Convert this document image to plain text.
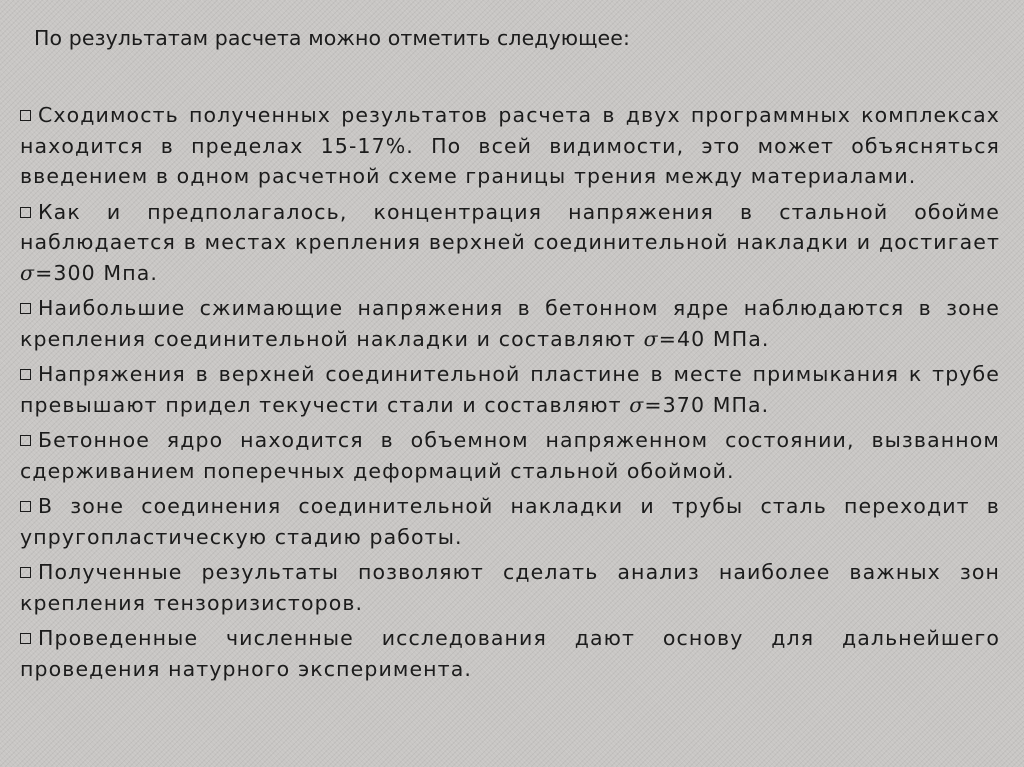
По результатам расчета можно отметить следующее:
Сходимость полученных результатов расчета в двух программных комплексах находится в пределах 15-17%. По всей видимости, это может объясняться введением в одном расчетной схеме границы трения между материалами.
Как и предполагалось, концентрация напряжения в стальной обойме наблюдается в местах крепления верхней соединительной накладки и достигает σ=300 Мпа.
Наибольшие сжимающие напряжения в бетонном ядре наблюдаются в зоне крепления соединительной накладки и составляют σ=40 МПа.
Напряжения в верхней соединительной пластине в месте примыкания к трубе превышают придел текучести стали и составляют σ=370 МПа.
Бетонное ядро находится в объемном напряженном состоянии, вызванном сдерживанием поперечных деформаций стальной обоймой.
В зоне соединения соединительной накладки и трубы сталь переходит в упругопластическую стадию работы.
Полученные результаты позволяют сделать анализ наиболее важных зон крепления тензоризисторов.
Проведенные численные исследования дают основу для дальнейшего проведения натурного эксперимента.
